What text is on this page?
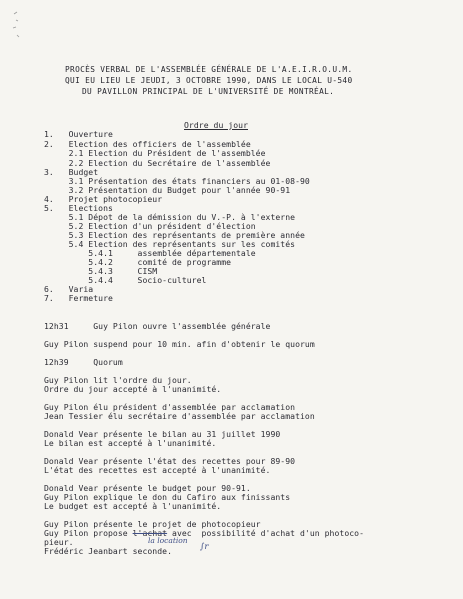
PROCÈS VERBAL DE L'ASSEMBLÉE GÉNÉRALE DE L'A.E.I.R.O.U.M.
QUI EU LIEU LE JEUDI, 3 OCTOBRE 1990, DANS LE LOCAL U-540
DU PAVILLON PRINCIPAL DE L'UNIVERSITÉ DE MONTRÉAL.
Ordre du jour
1.   Ouverture
2.   Election des officiers de l'assemblée
2.1 Election du Président de l'assemblée
2.2 Election du Secrétaire de l'assemblée
3.   Budget
3.1 Présentation des états financiers au 01-08-90
3.2 Présentation du Budget pour l'année 90-91
4.   Projet photocopieur
5.   Elections
5.1 Dépot de la démission du V.-P. à l'externe
5.2 Election d'un président d'élection
5.3 Election des représentants de première année
5.4 Election des représentants sur les comités
5.4.1     assemblée départementale
5.4.2     comité de programme
5.4.3     CISM
5.4.4     Socio-culturel
6.   Varia
7.   Fermeture
12h31     Guy Pilon ouvre l'assemblée générale
Guy Pilon suspend pour 10 min. afin d'obtenir le quorum
12h39     Quorum
Guy Pilon lit l'ordre du jour.
Ordre du jour accepté à l'unanimité.
Guy Pilon élu président d'assemblée par acclamation
Jean Tessier élu secrétaire d'assemblée par acclamation
Donald Vear présente le bilan au 31 juillet 1990
Le bilan est accepté à l'unanimité.
Donald Vear présente l'état des recettes pour 89-90
L'état des recettes est accepté à l'unanimité.
Donald Vear présente le budget pour 90-91.
Guy Pilon explique le don du Cafiro aux finissants
Le budget est accepté à l'unanimité.
Guy Pilon présente le projet de photocopieur
Guy Pilon propose l'achat avec  possibilité d'achat d'un photoco-
pieur.
Frédéric Jeanbart seconde.
la location
∫r
